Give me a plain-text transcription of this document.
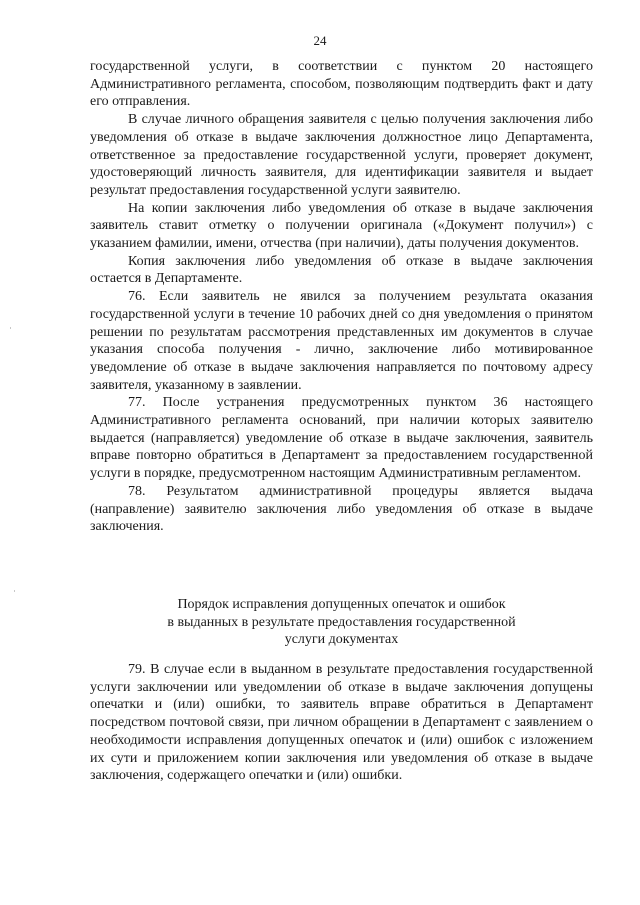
24

государственной услуги, в соответствии с пунктом 20 настоящего Административного регламента, способом, позволяющим подтвердить факт и дату его отправления.

В случае личного обращения заявителя с целью получения заключения либо уведомления об отказе в выдаче заключения должностное лицо Департамента, ответственное за предоставление государственной услуги, проверяет документ, удостоверяющий личность заявителя, для идентификации заявителя и выдает результат предоставления государственной услуги заявителю.

На копии заключения либо уведомления об отказе в выдаче заключения заявитель ставит отметку о получении оригинала («Документ получил») с указанием фамилии, имени, отчества (при наличии), даты получения документов.

Копия заключения либо уведомления об отказе в выдаче заключения остается в Департаменте.

76. Если заявитель не явился за получением результата оказания государственной услуги в течение 10 рабочих дней со дня уведомления о принятом решении по результатам рассмотрения представленных им документов в случае указания способа получения - лично, заключение либо мотивированное уведомление об отказе в выдаче заключения направляется по почтовому адресу заявителя, указанному в заявлении.

77. После устранения предусмотренных пунктом 36 настоящего Административного регламента оснований, при наличии которых заявителю выдается (направляется) уведомление об отказе в выдаче заключения, заявитель вправе повторно обратиться в Департамент за предоставлением государственной услуги в порядке, предусмотренном настоящим Административным регламентом.

78. Результатом административной процедуры является выдача (направление) заявителю заключения либо уведомления об отказе в выдаче заключения.

Порядок исправления допущенных опечаток и ошибок
в выданных в результате предоставления государственной
услуги документах

79. В случае если в выданном в результате предоставления государственной услуги заключении или уведомлении об отказе в выдаче заключения допущены опечатки и (или) ошибки, то заявитель вправе обратиться в Департамент посредством почтовой связи, при личном обращении в Департамент с заявлением о необходимости исправления допущенных опечаток и (или) ошибок с изложением их сути и приложением копии заключения или уведомления об отказе в выдаче заключения, содержащего опечатки и (или) ошибки.
